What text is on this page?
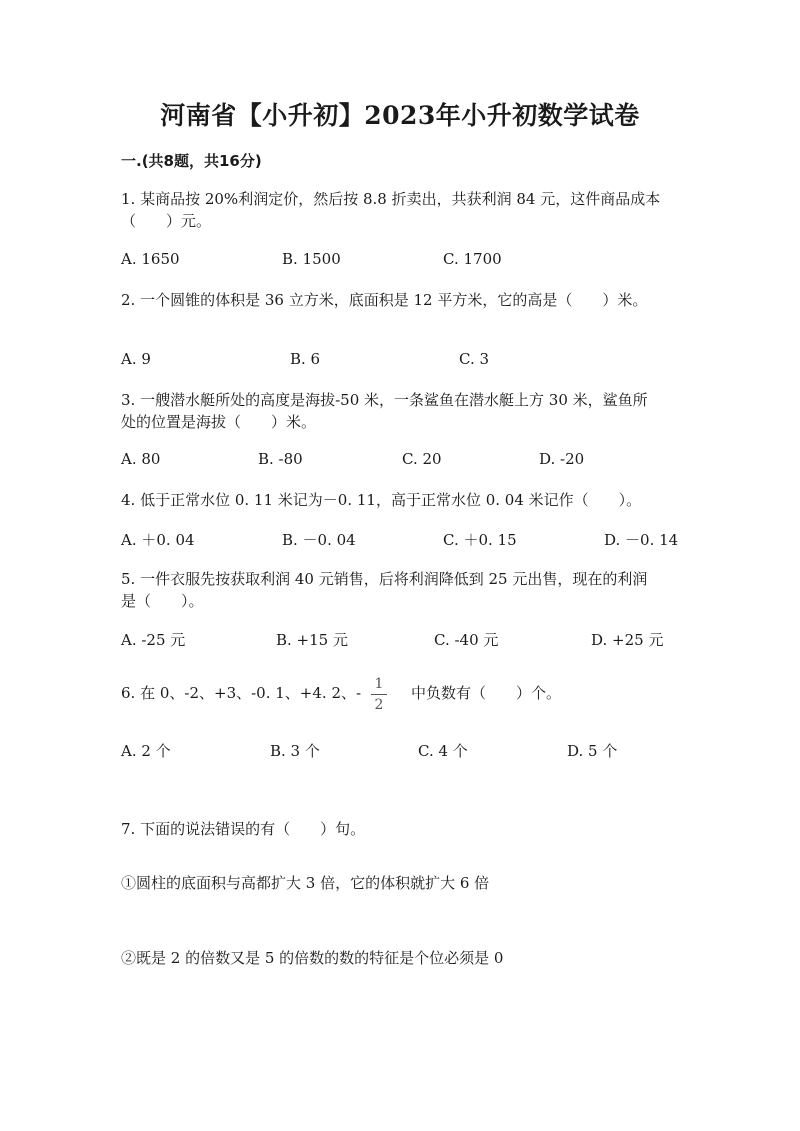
河南省【小升初】2023年小升初数学试卷
一.(共8题，共16分)
1. 某商品按 20%利润定价，然后按 8.8 折卖出，共获利润 84 元，这件商品成本
（　　）元。
A. 1650	B. 1500	C. 1700
2. 一个圆锥的体积是 36 立方米，底面积是 12 平方米，它的高是（　　）米。
A. 9	B. 6	C. 3
3. 一艘潜水艇所处的高度是海拔-50 米，一条鲨鱼在潜水艇上方 30 米，鲨鱼所
处的位置是海拔（　　）米。
A. 80	B. -80	C. 20	D. -20
4. 低于正常水位 0. 11 米记为－0. 11，高于正常水位 0. 04 米记作（　　）。
A. ＋0. 04	B. －0. 04	C. ＋0. 15	D. －0. 14
5. 一件衣服先按获取利润 40 元销售，后将利润降低到 25 元出售，现在的利润
是（　　）。
A. -25 元	B. +15 元	C. -40 元	D. +25 元
6. 在 0、-2、+3、-0. 1、+4. 2、- 1
2
中负数有（　　）个。
A. 2 个	B. 3 个	C. 4 个	D. 5 个
7. 下面的说法错误的有（　　）句。
①圆柱的底面积与高都扩大 3 倍，它的体积就扩大 6 倍
②既是 2 的倍数又是 5 的倍数的数的特征是个位必须是 0
